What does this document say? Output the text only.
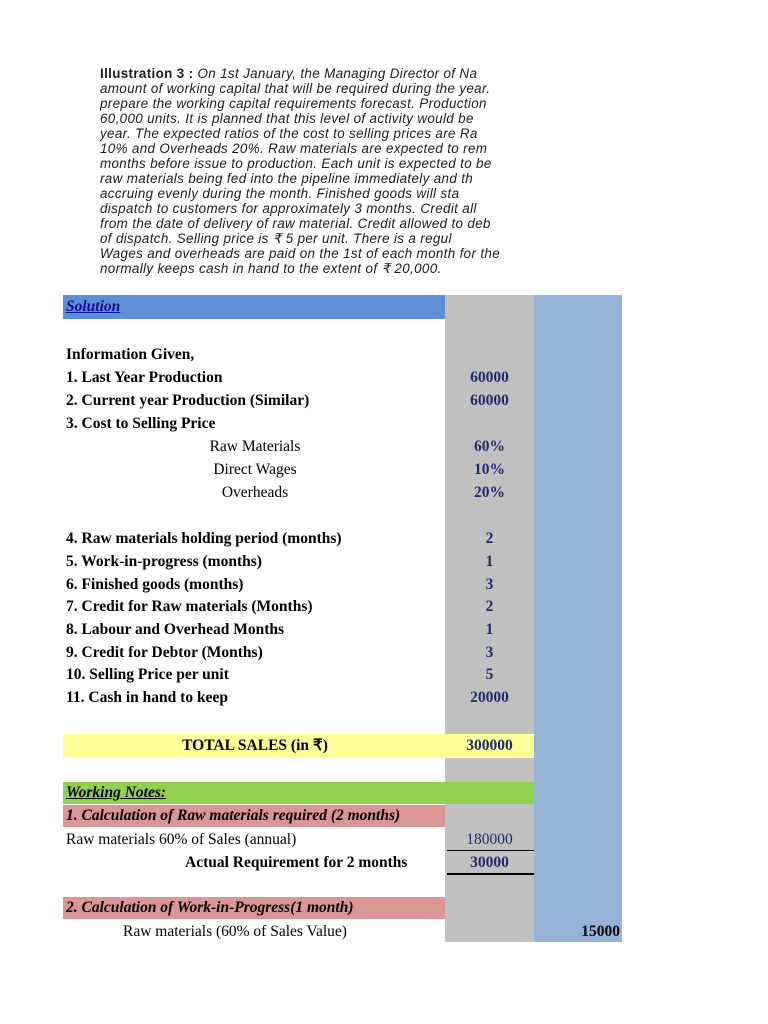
Illustration 3 : On 1st January, the Managing Director of Na
amount of working capital that will be required during the year.
prepare the working capital requirements forecast. Production
60,000 units. It is planned that this level of activity would be
year. The expected ratios of the cost to selling prices are Ra
10% and Overheads 20%. Raw materials are expected to rem
months before issue to production. Each unit is expected to be
raw materials being fed into the pipeline immediately and th
accruing evenly during the month. Finished goods will sta
dispatch to customers for approximately 3 months. Credit all
from the date of delivery of raw material. Credit allowed to deb
of dispatch. Selling price is ₹ 5 per unit. There is a regul
Wages and overheads are paid on the 1st of each month for the
normally keeps cash in hand to the extent of ₹ 20,000.
Solution
Information Given,
1. Last Year Production	60000
2. Current year Production (Similar)	60000
3. Cost to Selling Price
Raw Materials	60%
Direct Wages	10%
Overheads	20%
4. Raw materials holding period (months)	2
5. Work-in-progress (months)	1
6. Finished goods (months)	3
7. Credit for Raw materials (Months)	2
8. Labour and Overhead Months	1
9. Credit for Debtor (Months)	3
10. Selling Price per unit	5
11. Cash in hand to keep	20000
TOTAL SALES (in ₹)	300000
Working Notes:
1. Calculation of Raw materials required (2 months)
Raw materials 60% of Sales (annual)	180000
Actual Requirement for 2 months	30000
2. Calculation of Work-in-Progress(1 month)
Raw materials (60% of Sales Value)	15000
